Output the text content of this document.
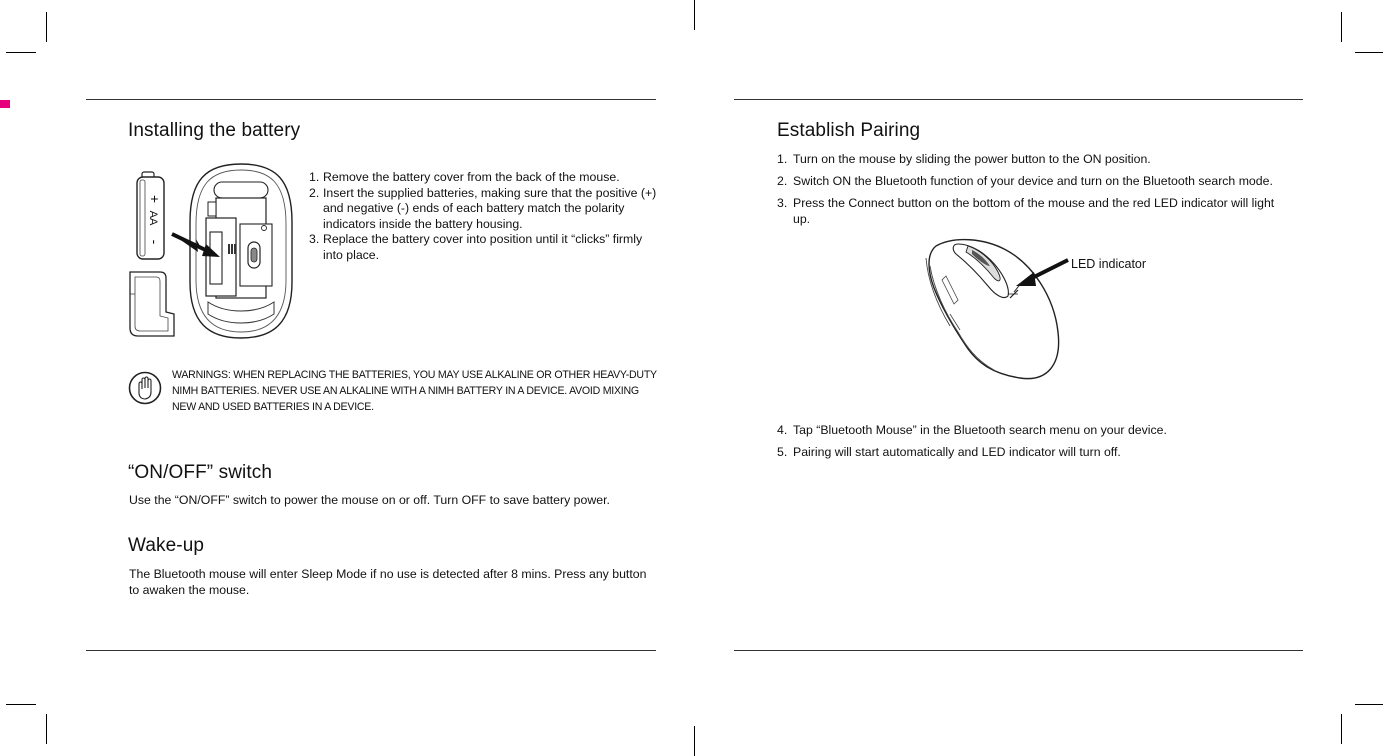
Installing the battery
+
AA
-
1. Remove the battery cover from the back of the mouse.
2. Insert the supplied batteries, making sure that the positive (+) and negative (-) ends of each battery match the polarity indicators inside the battery housing.
3. Replace the battery cover into position until it “clicks” firmly into place.
WARNINGS: WHEN REPLACING THE BATTERIES, YOU MAY USE ALKALINE OR OTHER HEAVY-DUTY NIMH BATTERIES. NEVER USE AN ALKALINE WITH A NIMH BATTERY IN A DEVICE. AVOID MIXING NEW AND USED BATTERIES IN A DEVICE.
“ON/OFF” switch
Use the “ON/OFF” switch to power the mouse on or off. Turn OFF to save battery power.
Wake-up
The Bluetooth mouse will enter Sleep Mode if no use is detected after 8 mins. Press any button to awaken the mouse.
Establish Pairing
1. Turn on the mouse by sliding the power button to the ON position.
2. Switch ON the Bluetooth function of your device and turn on the Bluetooth search mode.
3. Press the Connect button on the bottom of the mouse and the red LED indicator will light up.
LED indicator
4. Tap “Bluetooth Mouse” in the Bluetooth search menu on your device.
5. Pairing will start automatically and LED indicator will turn off.
